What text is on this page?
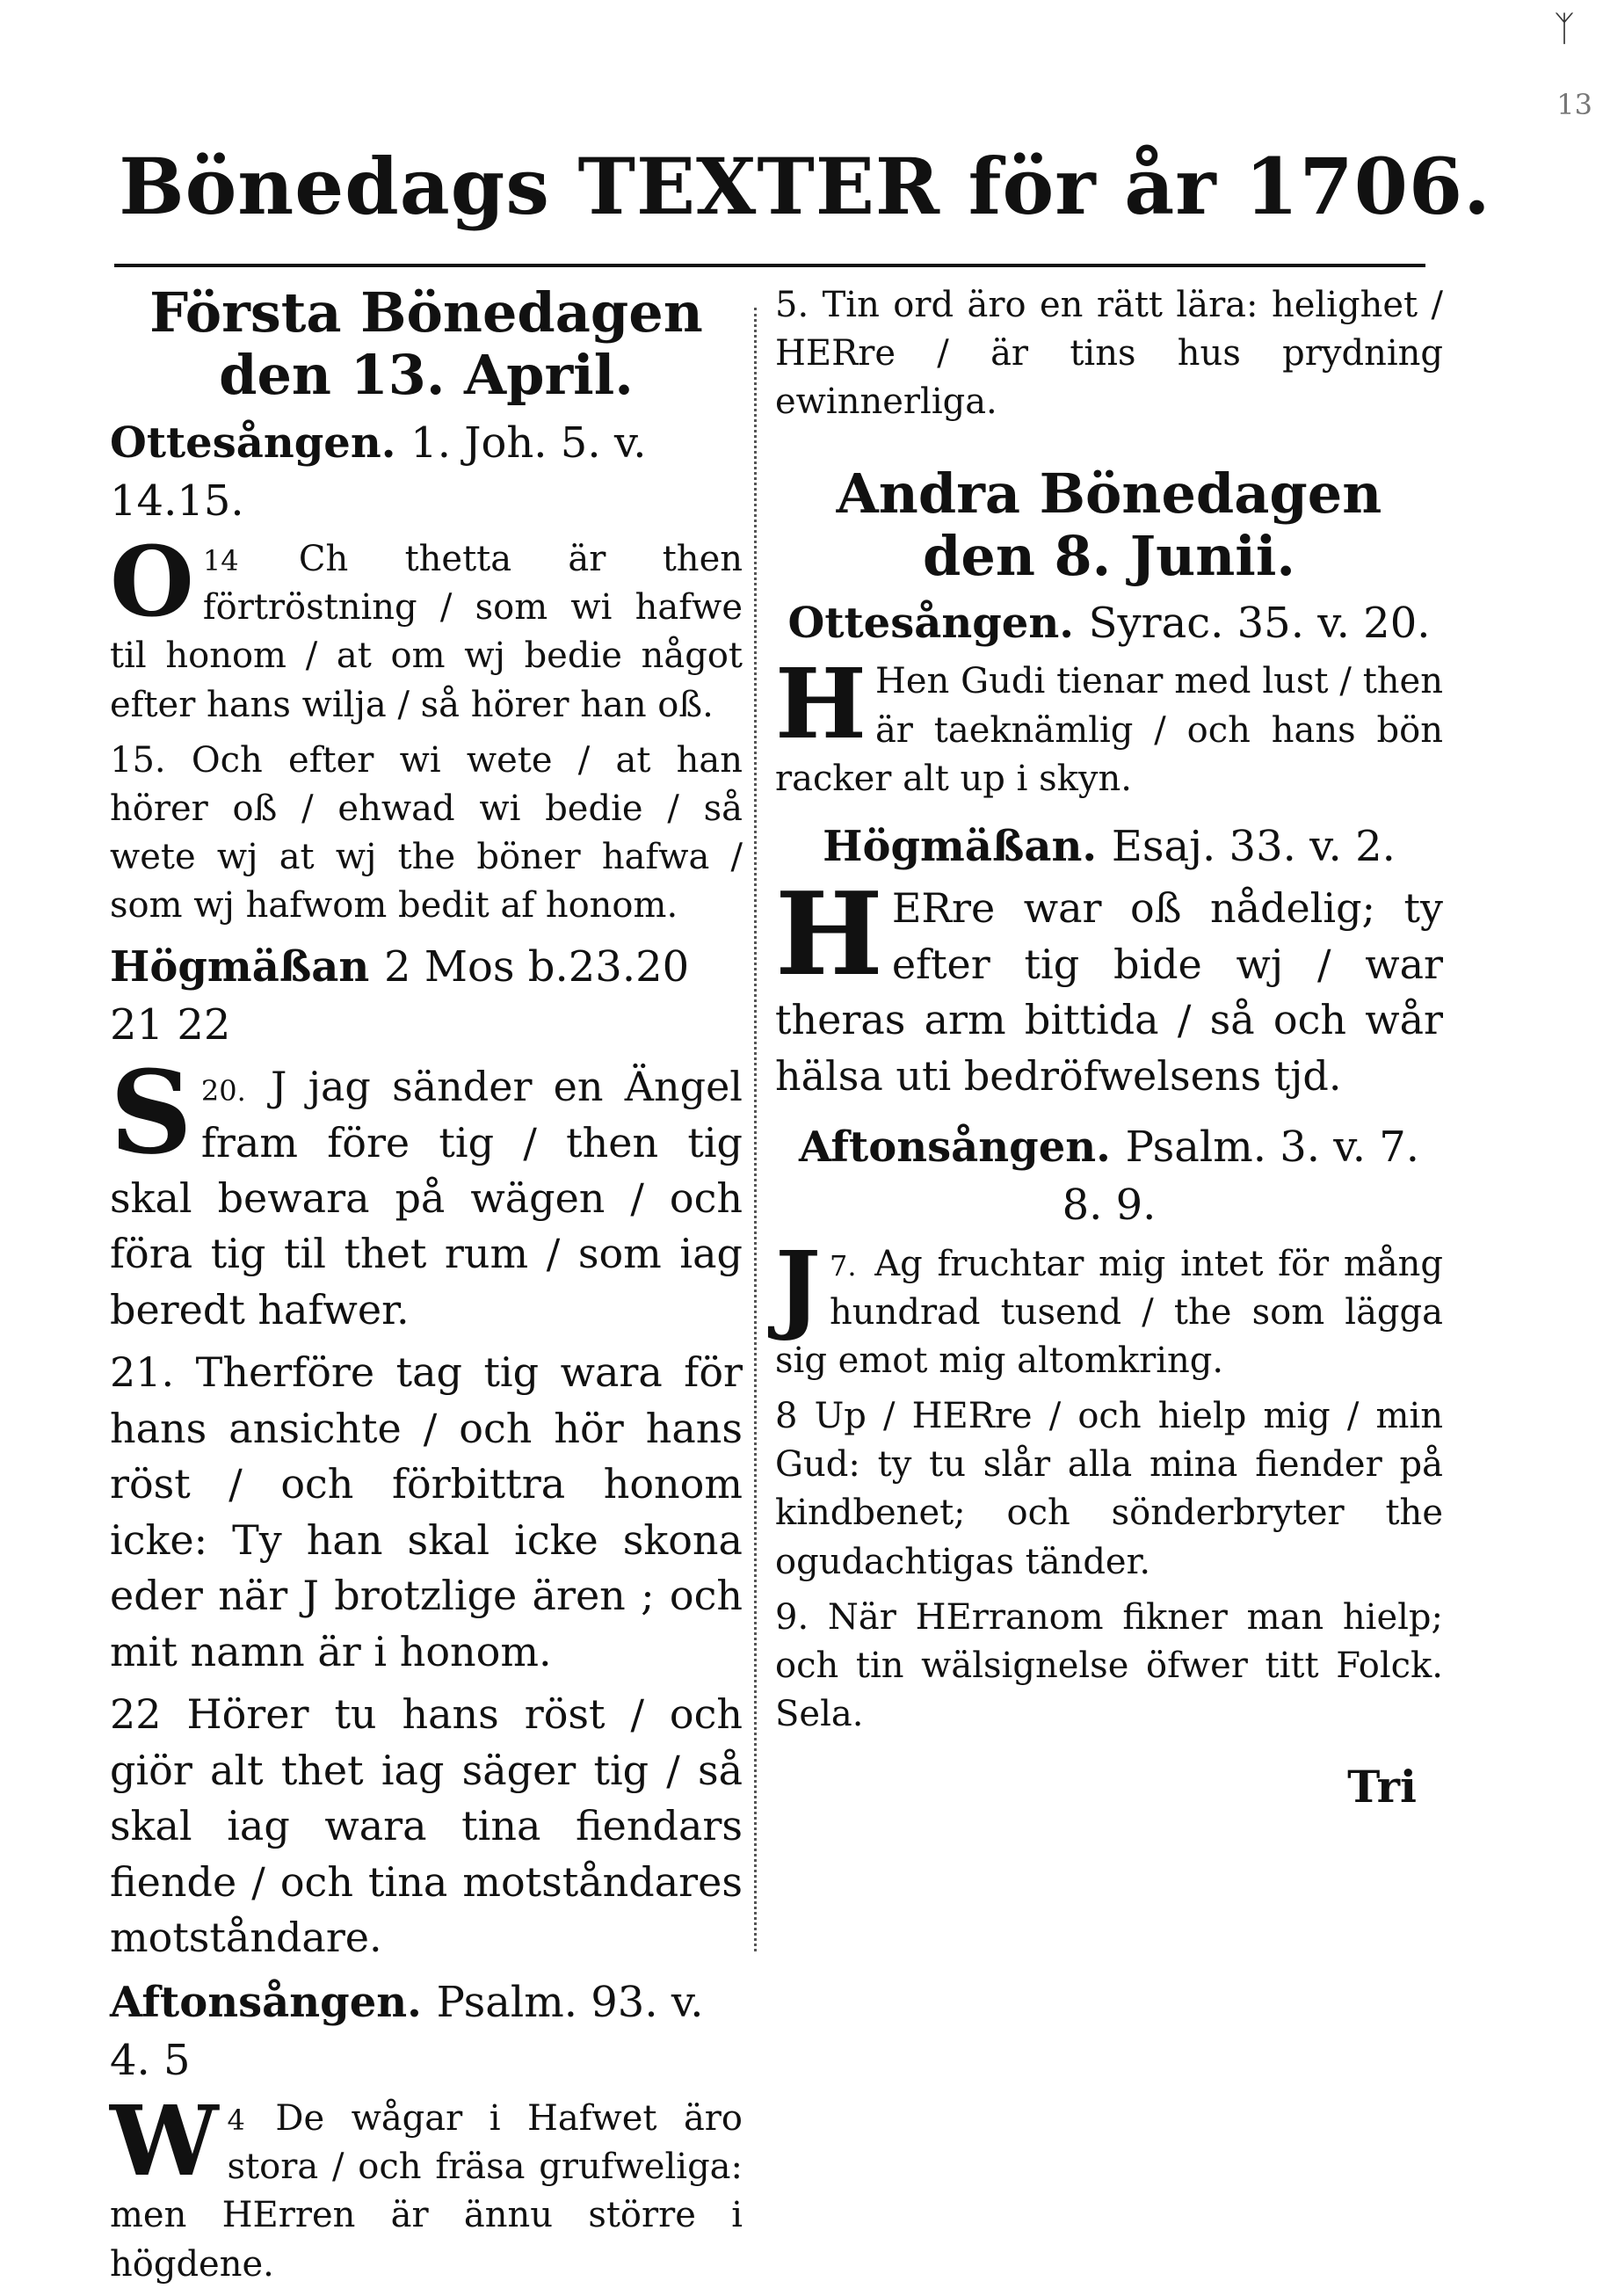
ᛉ
13
Bönedags TEXTER för år 1706.
Första Bönedagen den 13. April.
Ottesången. 1. Joh. 5. v. 14.15.

14
O	Ch thetta är then förtröstning / som wi hafwe til honom / at om wj bedie något efter hans wilja / så hörer han oß.

15. Och efter wi wete / at han hörer oß / ehwad wi bedie / så wete wj at wj the böner hafwa / som wj hafwom bedit af honom.

Högmäßan 2 Mos b.23.20 21 22

20.
S J jag sänder en Ängel fram före tig / then tig skal bewara på wägen / och föra tig til thet rum / som iag beredt hafwer.

21. Therföre tag tig wara för hans ansichte / och hör hans röst / och förbittra honom icke: Ty han skal icke skona eder när J brotzlige ären ; och mit namn är i honom.

22 Hörer tu hans röst / och giör alt thet iag säger tig / så skal iag wara tina fiendars fiende / och tina motståndares motståndare.

Aftonsången. Psalm. 93. v. 4. 5

4
W De wågar i Hafwet äro stora / och fräsa grufweliga: men HErren är ännu större i högdene.

5. Tin ord äro en rätt lära: helighet / HERre / är tins hus prydning ewinnerliga.

Andra Bönedagen den 8. Junii.
Ottesången. Syrac. 35. v. 20.

H Hen Gudi tienar med lust / then är taeknämlig / och hans bön racker alt up i skyn.

Högmäßan. Esaj. 33. v. 2.

H ERre war oß nådelig; ty efter tig bide wj / war theras arm bittida / så och wår hälsa uti bedröfwelsens tjd.

Aftonsången. Psalm. 3. v. 7. 8. 9.

7.
J Ag fruchtar mig intet för mång hundrad tusend / the som lägga sig emot mig altomkring.

8 Up / HERre / och hielp mig / min Gud: ty tu slår alla mina fiender på kindbenet; och sönderbryter the ogudachtigas tänder.

9. När HErranom fikner man hielp; och tin wälsignelse öfwer titt Folck. Sela.

Tri
